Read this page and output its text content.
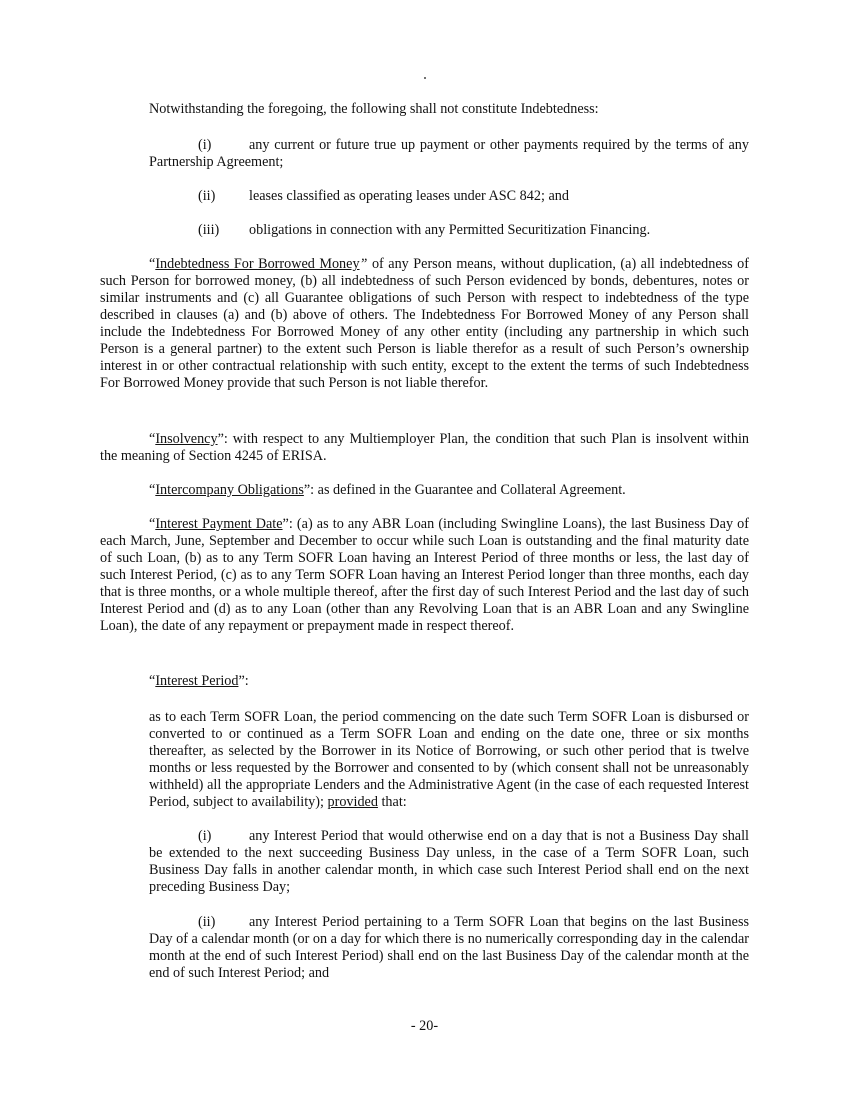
Notwithstanding the foregoing, the following shall not constitute Indebtedness:

(i)	any current or future true up payment or other payments required by the terms of any Partnership Agreement;

(ii) leases classified as operating leases under ASC 842; and

(iii) obligations in connection with any Permitted Securitization Financing.

“Indebtedness For Borrowed Money” of any Person means, without duplication, (a) all indebtedness of such Person for borrowed money, (b) all indebtedness of such Person evidenced by bonds, debentures, notes or similar instruments and (c) all Guarantee obligations of such Person with respect to indebtedness of the type described in clauses (a) and (b) above of others. The Indebtedness For Borrowed Money of any Person shall include the Indebtedness For Borrowed Money of any other entity (including any partnership in which such Person is a general partner) to the extent such Person is liable therefor as a result of such Person’s ownership interest in or other contractual relationship with such entity, except to the extent the terms of such Indebtedness For Borrowed Money provide that such Person is not liable therefor.

“Insolvency”: with respect to any Multiemployer Plan, the condition that such Plan is insolvent within the meaning of Section 4245 of ERISA.

“Intercompany Obligations”: as defined in the Guarantee and Collateral Agreement.

“Interest Payment Date”: (a) as to any ABR Loan (including Swingline Loans), the last Business Day of each March, June, September and December to occur while such Loan is outstanding and the final maturity date of such Loan, (b) as to any Term SOFR Loan having an Interest Period of three months or less, the last day of such Interest Period, (c) as to any Term SOFR Loan having an Interest Period longer than three months, each day that is three months, or a whole multiple thereof, after the first day of such Interest Period and the last day of such Interest Period and (d) as to any Loan (other than any Revolving Loan that is an ABR Loan and any Swingline Loan), the date of any repayment or prepayment made in respect thereof.

“Interest Period”:

as to each Term SOFR Loan, the period commencing on the date such Term SOFR Loan is disbursed or converted to or continued as a Term SOFR Loan and ending on the date one, three or six months thereafter, as selected by the Borrower in its Notice of Borrowing, or such other period that is twelve months or less requested by the Borrower and consented to by (which consent shall not be unreasonably withheld) all the appropriate Lenders and the Administrative Agent (in the case of each requested Interest Period, subject to availability); provided that:

(i)	any Interest Period that would otherwise end on a day that is not a Business Day shall be extended to the next succeeding Business Day unless, in the case of a Term SOFR Loan, such Business Day falls in another calendar month, in which case such Interest Period shall end on the next preceding Business Day;

(ii) any Interest Period pertaining to a Term SOFR Loan that begins on the last Business Day of a calendar month (or on a day for which there is no numerically corresponding day in the calendar month at the end of such Interest Period) shall end on the last Business Day of the calendar month at the end of such Interest Period; and

- 20-
